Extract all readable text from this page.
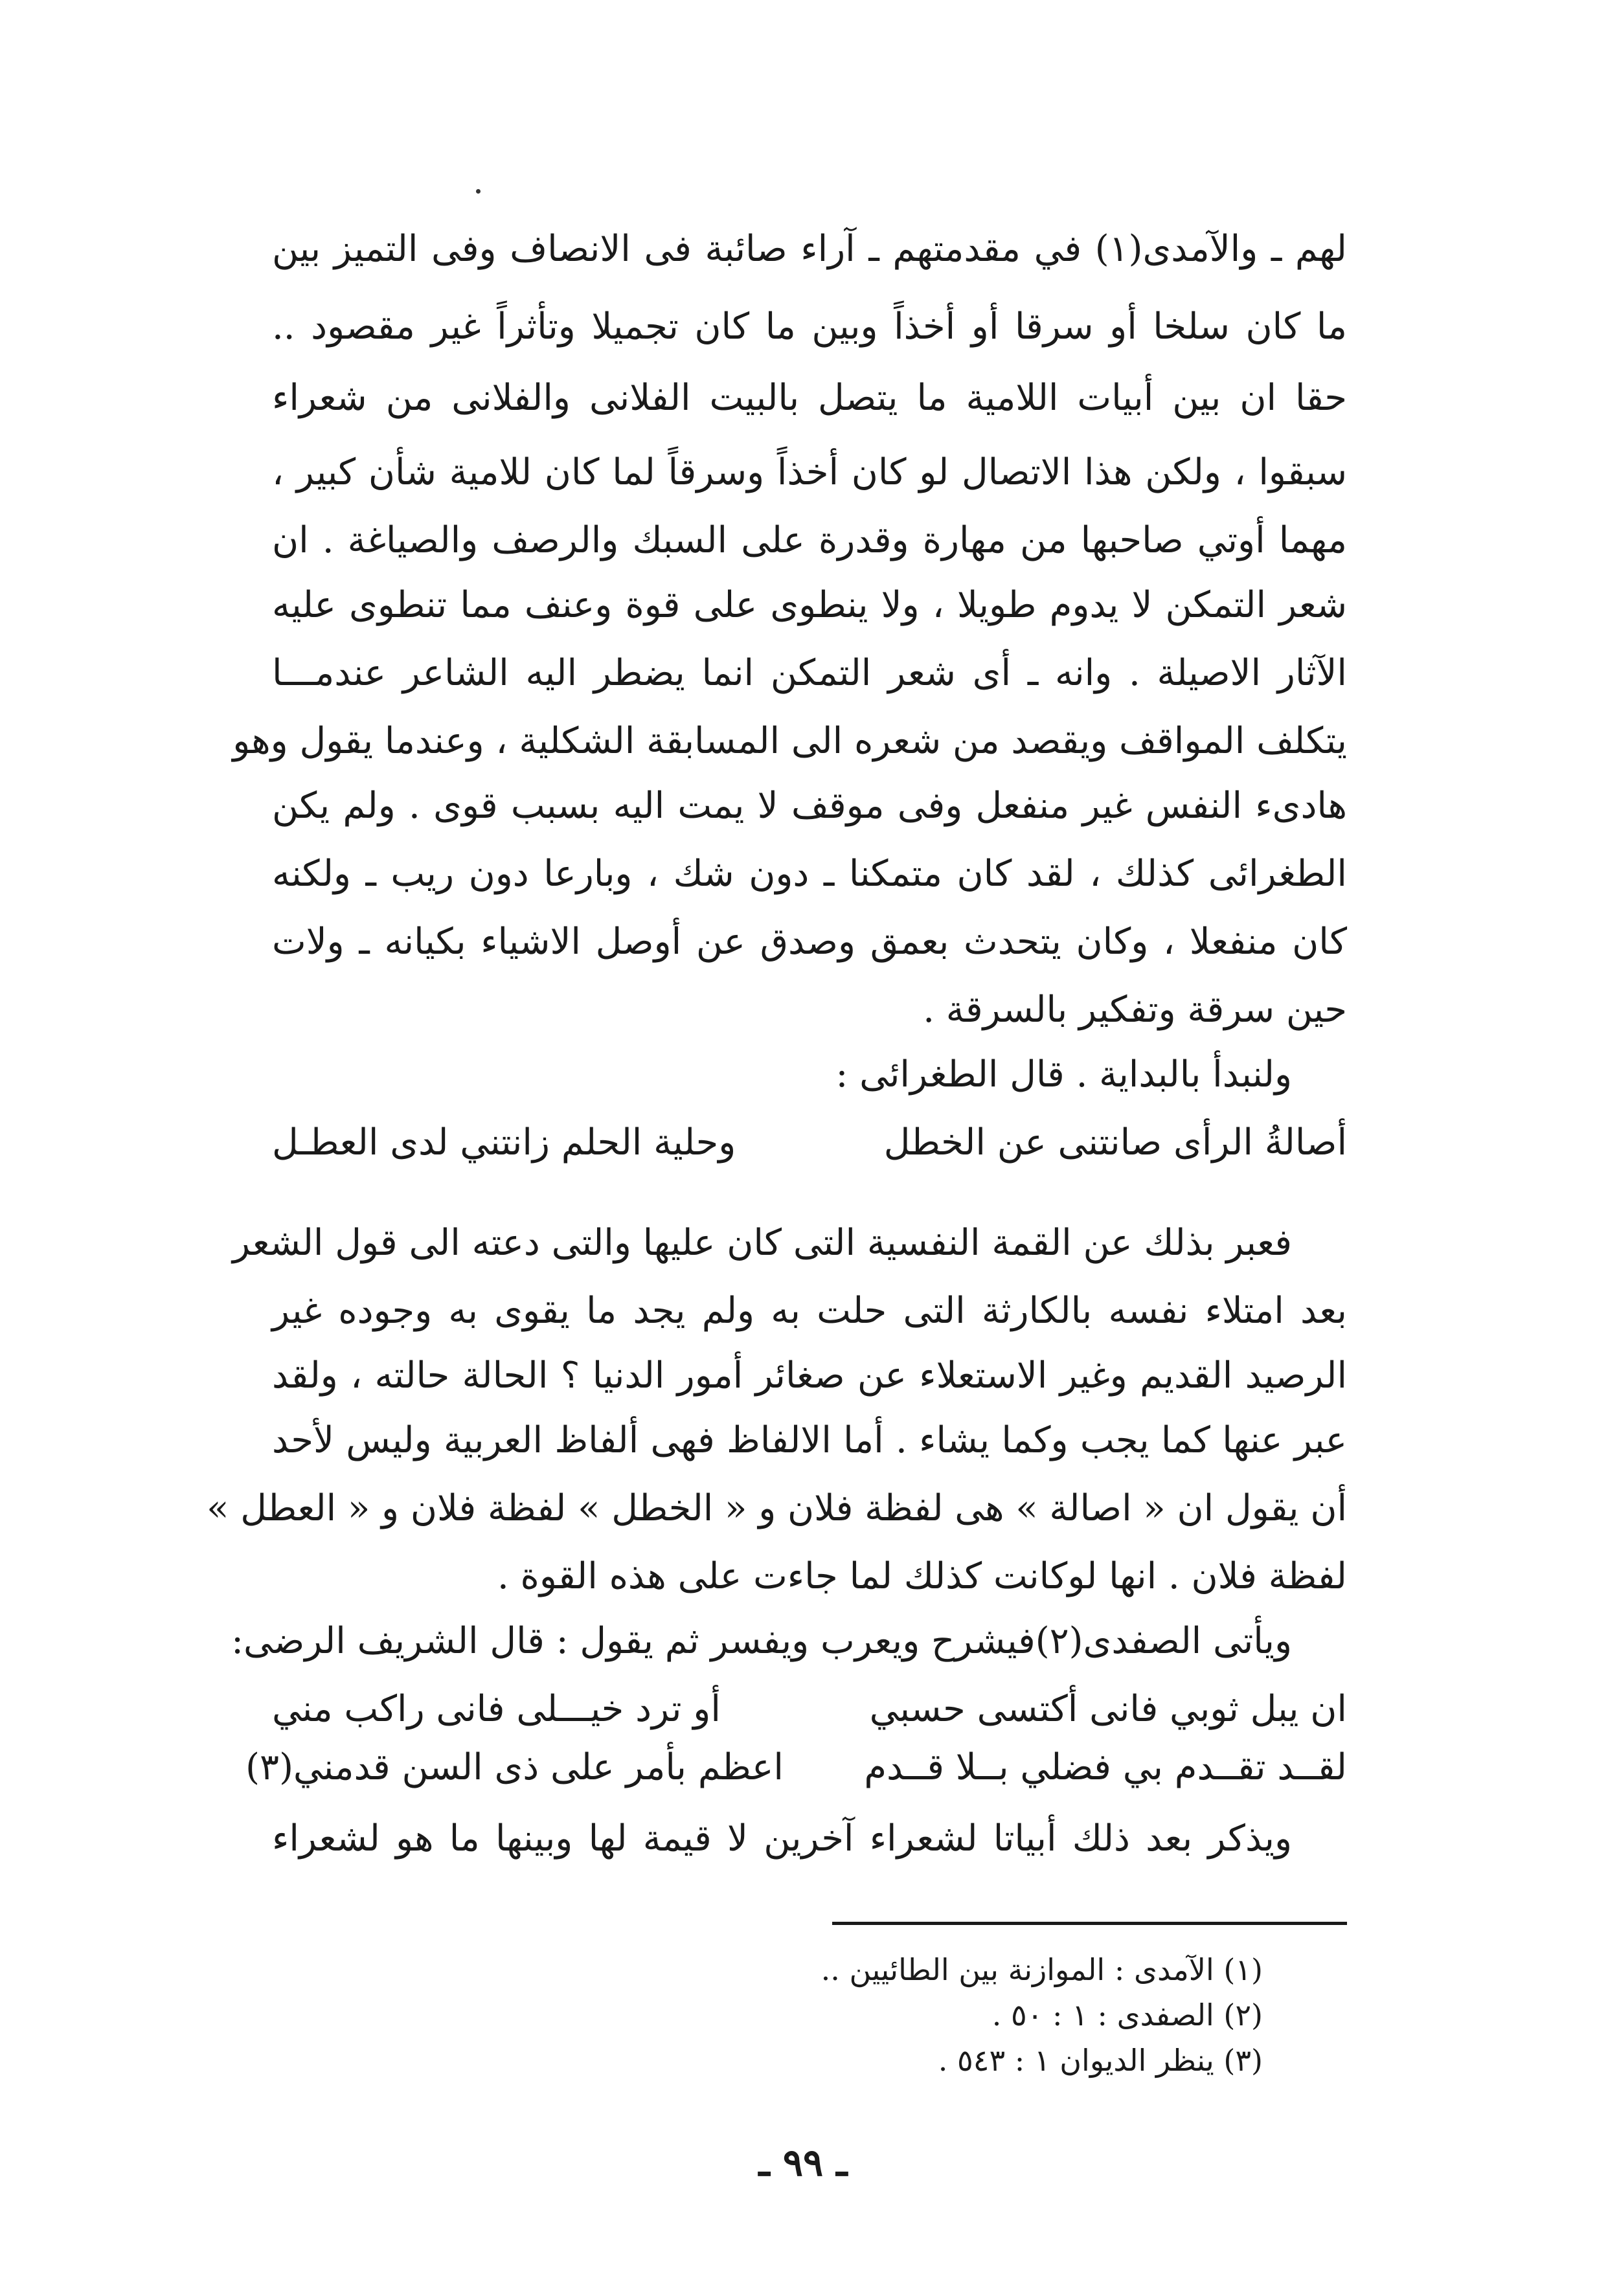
لهم ـ والآمدى(١) في مقدمتهم ـ آراء صائبة فى الانصاف وفى التميز بين
ما كان سلخا أو سرقا أو أخذاً وبين ما كان تجميلا وتأثراً غير مقصود ..
حقا ان بين أبيات اللامية ما يتصل بالبيت الفلانى والفلانى من شعراء
سبقوا ، ولكن هذا الاتصال لو كان أخذاً وسرقاً لما كان للامية شأن كبير ،
مهما أوتي صاحبها من مهارة وقدرة على السبك والرصف والصياغة . ان
شعر التمكن لا يدوم طويلا ، ولا ينطوى على قوة وعنف مما تنطوى عليه
الآثار الاصيلة . وانه ـ أى شعر التمكن انما يضطر اليه الشاعر عندمـــا
يتكلف المواقف ويقصد من شعره الى المسابقة الشكلية ، وعندما يقول وهو
هادىء النفس غير منفعل وفى موقف لا يمت اليه بسبب قوى . ولم يكن
الطغرائى كذلك ، لقد كان متمكنا ـ دون شك ، وبارعا دون ريب ـ ولكنه
كان منفعلا ، وكان يتحدث بعمق وصدق عن أوصل الاشياء بكيانه ـ ولات
حين سرقة وتفكير بالسرقة .
ولنبدأ بالبداية . قال الطغرائى :
أصالةُ الرأى صانتنى عن الخطل
وحلية الحلم زانتني لدى العطـل
فعبر بذلك عن القمة النفسية التى كان عليها والتى دعته الى قول الشعر
بعد امتلاء نفسه بالكارثة التى حلت به ولم يجد ما يقوى به وجوده غير
الرصيد القديم وغير الاستعلاء عن صغائر أمور الدنيا ؟ الحالة حالته ، ولقد
عبر عنها كما يجب وكما يشاء . أما الالفاظ فهى ألفاظ العربية وليس لأحد
أن يقول ان « اصالة » هى لفظة فلان و « الخطل » لفظة فلان و « العطل »
لفظة فلان . انها لوكانت كذلك لما جاءت على هذه القوة .
ويأتى الصفدى(٢)فيشرح ويعرب ويفسر ثم يقول : قال الشريف الرضى:
ان يبل ثوبي فانى أكتسى حسبي
أو ترد خيـــلى فانى راكب مني
لقــد تقــدم بي فضلي بــلا قــدم
اعظم بأمر على ذى السن قدمني(٣)
ويذكر بعد ذلك أبياتا لشعراء آخرين لا قيمة لها وبينها ما هو لشعراء
(١) الآمدى : الموازنة بين الطائيين ..
(٢) الصفدى : ١ : ٥٠ .
(٣) ينظر الديوان ١ : ٥٤٣ .
ـ ٩٩ ـ
